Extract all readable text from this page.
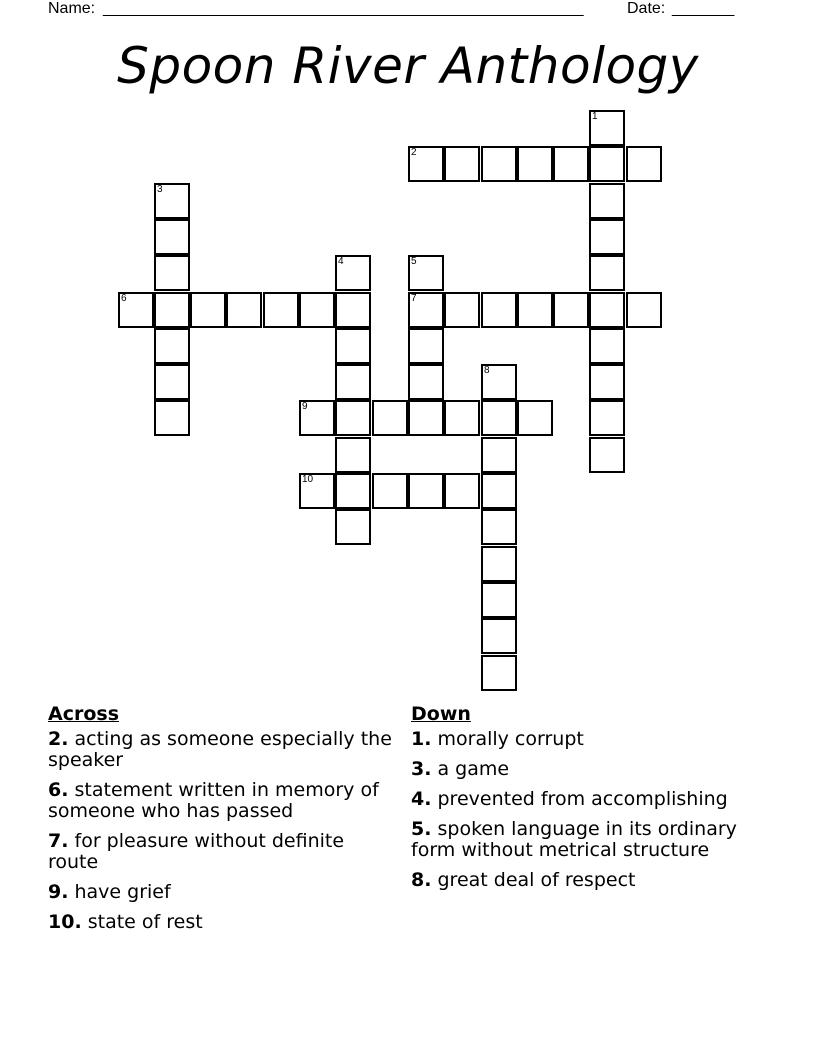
Name: ______________________________________________________	Date: _______
Spoon River Anthology
1
2
3
4	5
7
6
8
9
10
Across
2. acting as someone especially the speaker
6. statement written in memory of someone who has passed
7. for pleasure without definite route
9. have grief
10. state of rest
Down
1. morally corrupt
3. a game
4. prevented from accomplishing
5. spoken language in its ordinary form without metrical structure
8. great deal of respect
